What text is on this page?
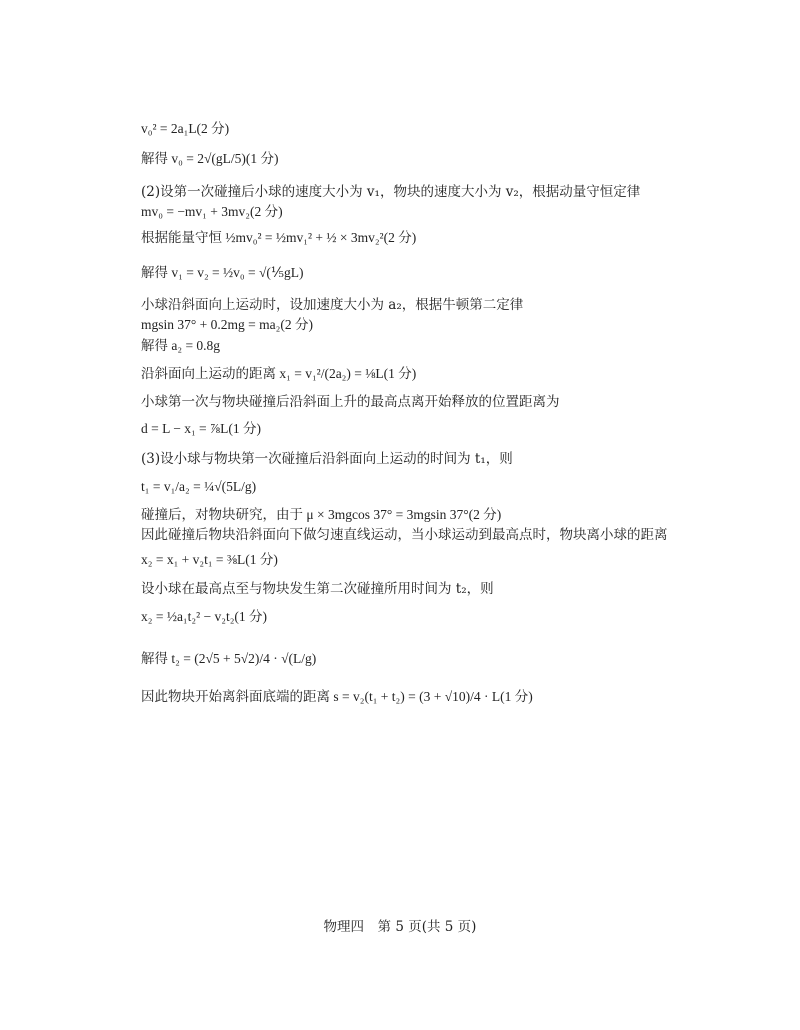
v₀² = 2a₁L(2 分)
解得 v₀ = 2√(gL/5)(1 分)
(2)设第一次碰撞后小球的速度大小为 v₁，物块的速度大小为 v₂，根据动量守恒定律
mv₀ = −mv₁ + 3mv₂(2 分)
根据能量守恒 ½mv₀² = ½mv₁² + ½ × 3mv₂²(2 分)
解得 v₁ = v₂ = ½v₀ = √(⅕gL)
小球沿斜面向上运动时，设加速度大小为 a₂，根据牛顿第二定律
mgsin 37° + 0.2mg = ma₂(2 分)
解得 a₂ = 0.8g
沿斜面向上运动的距离 x₁ = v₁²/(2a₂) = ⅛L(1 分)
小球第一次与物块碰撞后沿斜面上升的最高点离开始释放的位置距离为
d = L − x₁ = ⅞L(1 分)
(3)设小球与物块第一次碰撞后沿斜面向上运动的时间为 t₁，则
t₁ = v₁/a₂ = ¼√(5L/g)
碰撞后，对物块研究，由于 μ × 3mgcos 37° = 3mgsin 37°(2 分)
因此碰撞后物块沿斜面向下做匀速直线运动，当小球运动到最高点时，物块离小球的距离
x₂ = x₁ + v₂t₁ = ⅜L(1 分)
设小球在最高点至与物块发生第二次碰撞所用时间为 t₂，则
x₂ = ½a₁t₂² − v₂t₂(1 分)
解得 t₂ = (2√5 + 5√2)/4 · √(L/g)
因此物块开始离斜面底端的距离 s = v₂(t₁ + t₂) = (3 + √10)/4 · L(1 分)
物理四　第 5 页(共 5 页)
